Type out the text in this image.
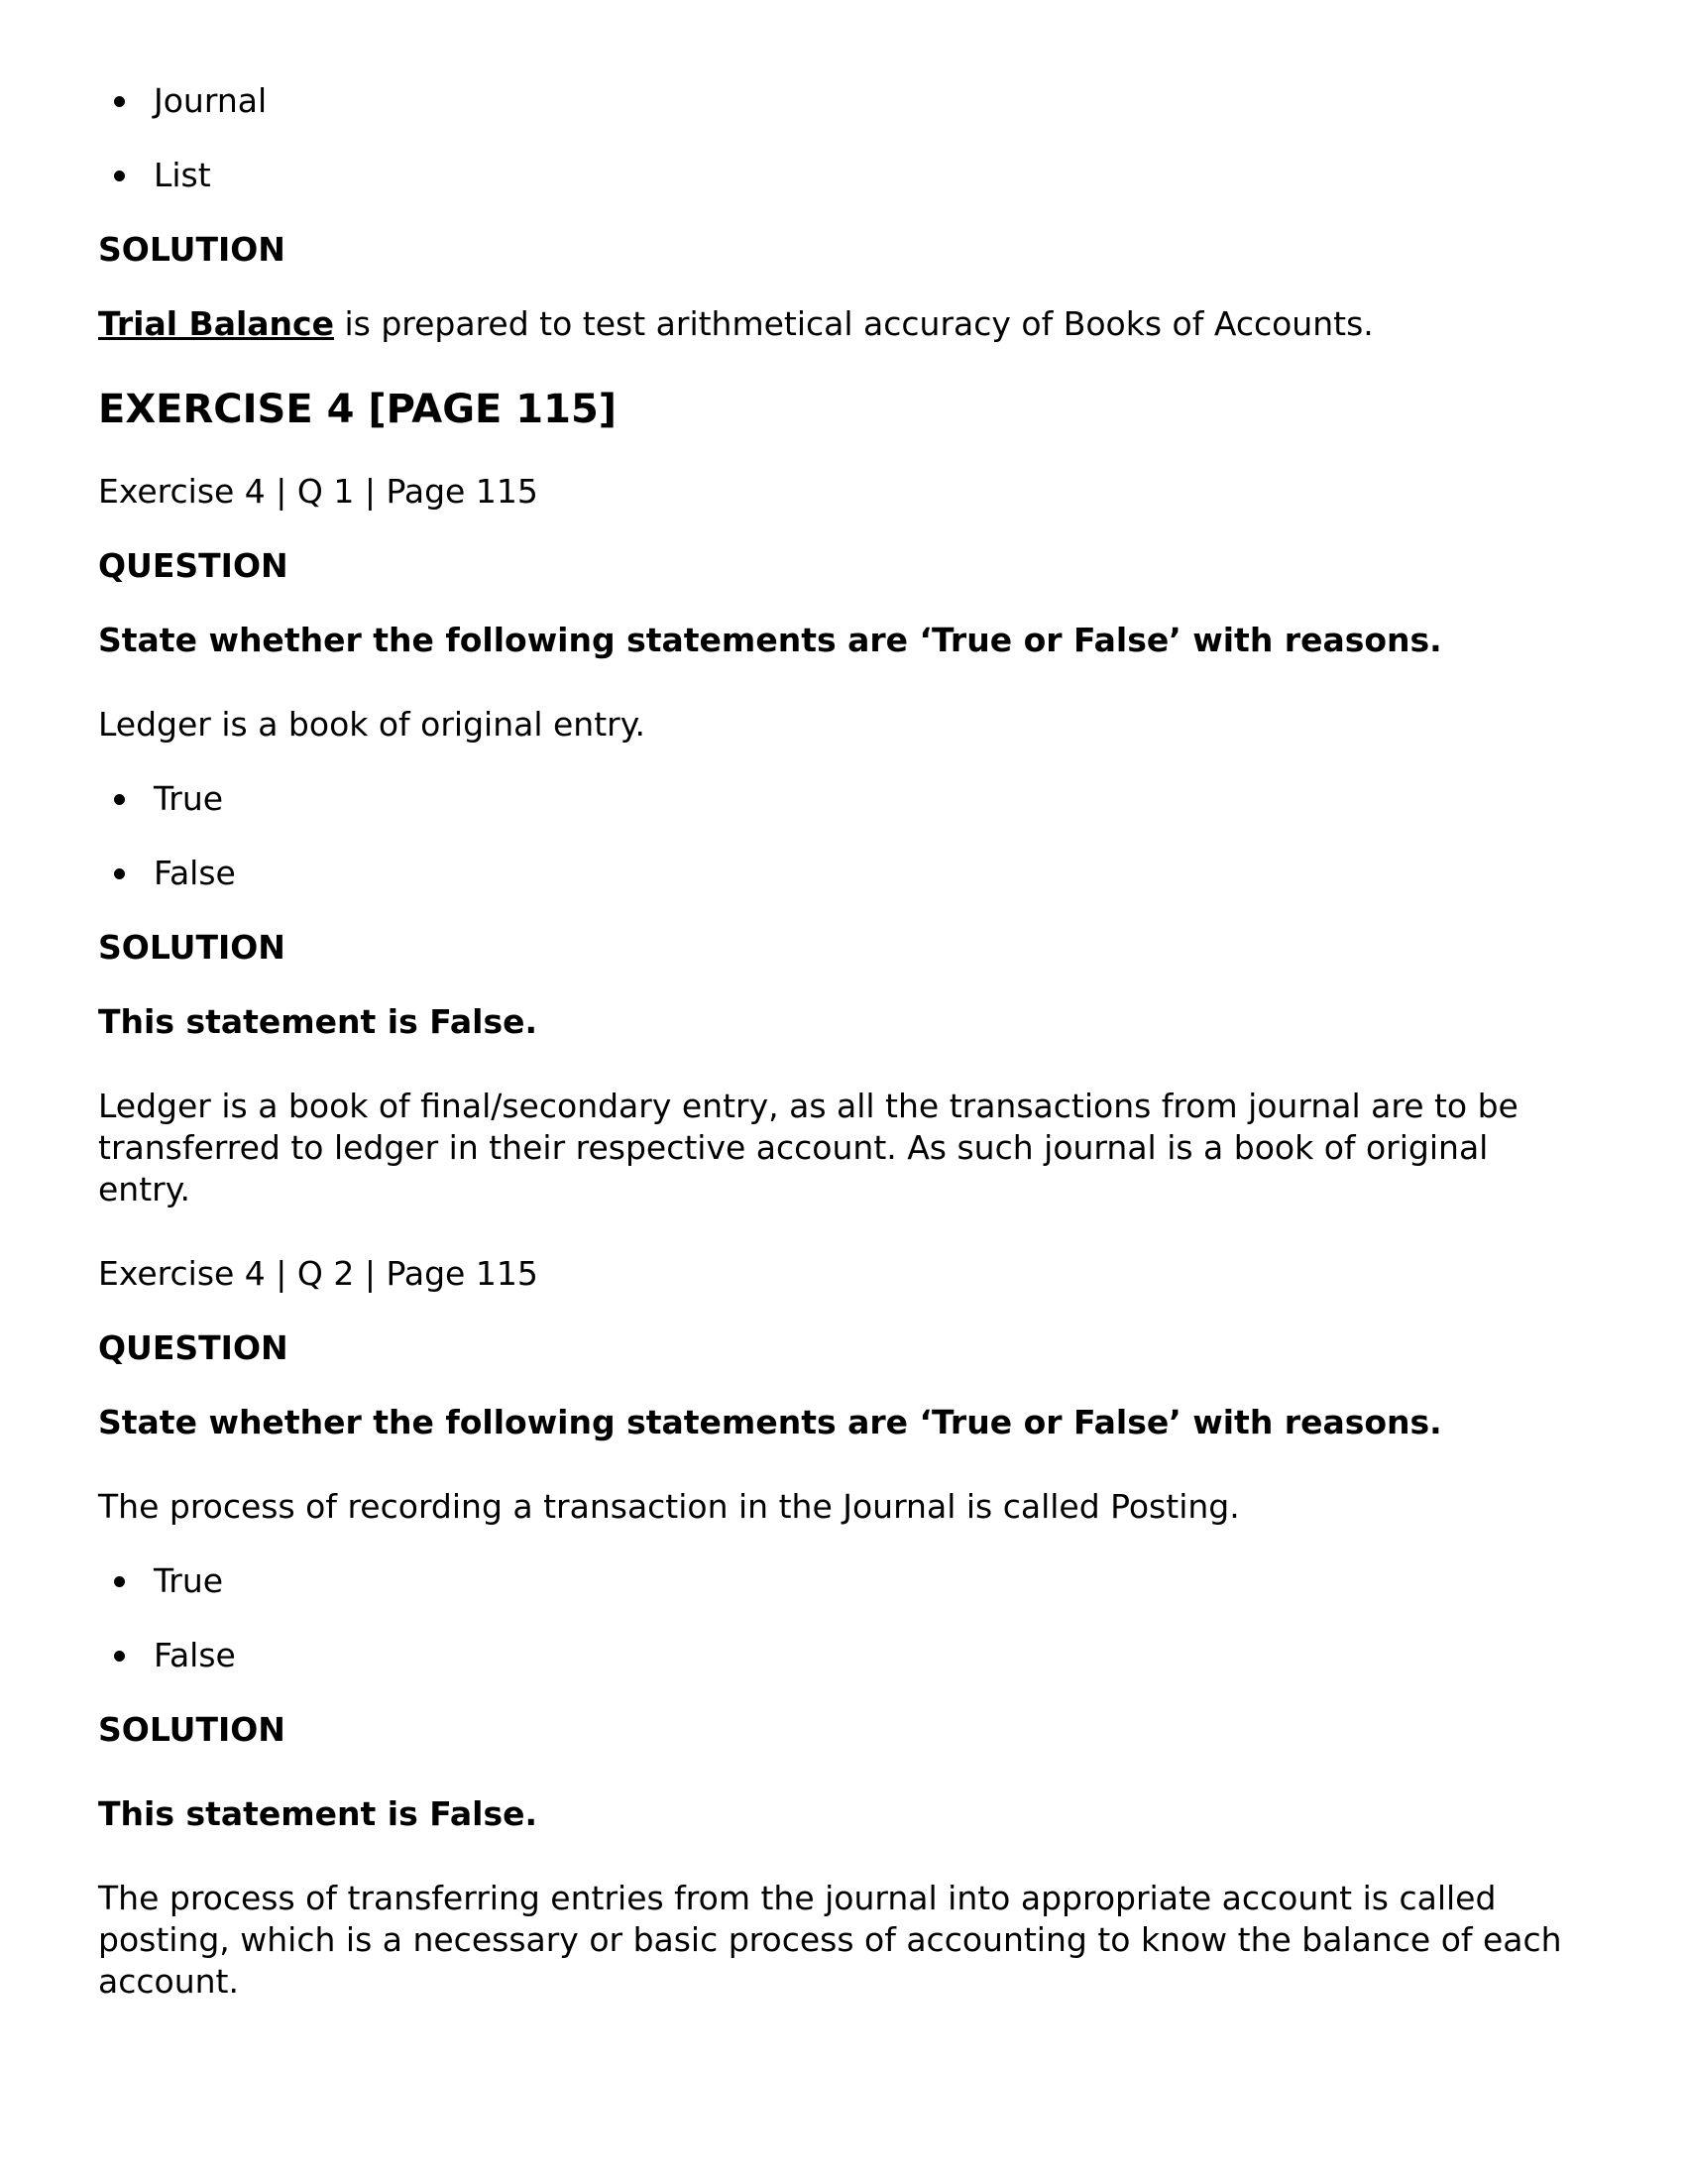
Journal
List
SOLUTION
Trial Balance is prepared to test arithmetical accuracy of Books of Accounts.
EXERCISE 4 [PAGE 115]
Exercise 4 | Q 1 | Page 115
QUESTION
State whether the following statements are ‘True or False’ with reasons.
Ledger is a book of original entry.
True
False
SOLUTION
This statement is False.
Ledger is a book of final/secondary entry, as all the transactions from journal are to be
transferred to ledger in their respective account. As such journal is a book of original
entry.
Exercise 4 | Q 2 | Page 115
QUESTION
State whether the following statements are ‘True or False’ with reasons.
The process of recording a transaction in the Journal is called Posting.
True
False
SOLUTION
This statement is False.
The process of transferring entries from the journal into appropriate account is called
posting, which is a necessary or basic process of accounting to know the balance of each
account.
